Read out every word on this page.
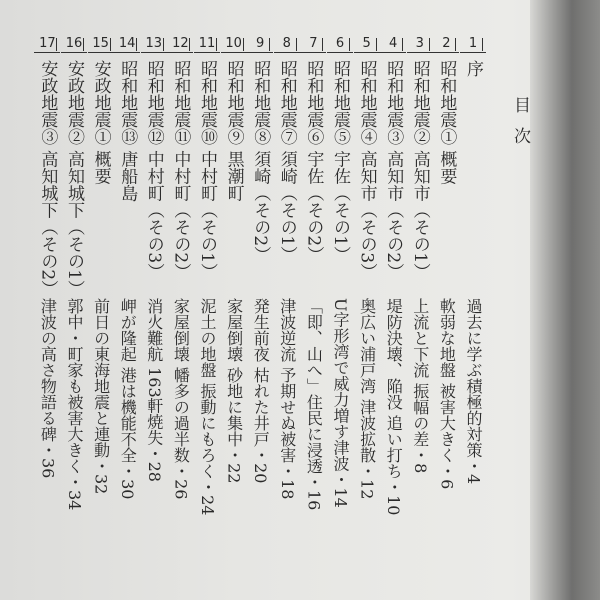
目次
1
序
過去に学ぶ積極的対策・4
2
昭和地震① 概要
軟弱な地盤 被害大きく・6
3
昭和地震② 高知市（その1）
上流と下流 振幅の差・8
4
昭和地震③ 高知市（その2）
堤防決壊、陥没 追い打ち・10
5
昭和地震④ 高知市（その3）
奥広い浦戸湾 津波拡散・12
6
昭和地震⑤ 宇佐（その1）
U字形湾で威力増す津波・14
7
昭和地震⑥ 宇佐（その2）
「即、山へ」住民に浸透・16
8
昭和地震⑦ 須崎（その1）
津波逆流 予期せぬ被害・18
9
昭和地震⑧ 須崎（その2）
発生前夜 枯れた井戸・20
10
昭和地震⑨ 黒潮町
家屋倒壊 砂地に集中・22
11
昭和地震⑩ 中村町（その1）
泥土の地盤 振動にもろく・24
12
昭和地震⑪ 中村町（その2）
家屋倒壊 幡多の過半数・26
13
昭和地震⑫ 中村町（その3）
消火難航 163軒焼失・28
14
昭和地震⑬ 唐船島
岬が隆起 港は機能不全・30
15
安政地震① 概要
前日の東海地震と連動・32
16
安政地震② 高知城下（その1）
郭中・町家も被害大きく・34
17
安政地震③ 高知城下（その2）
津波の高さ物語る碑・36
